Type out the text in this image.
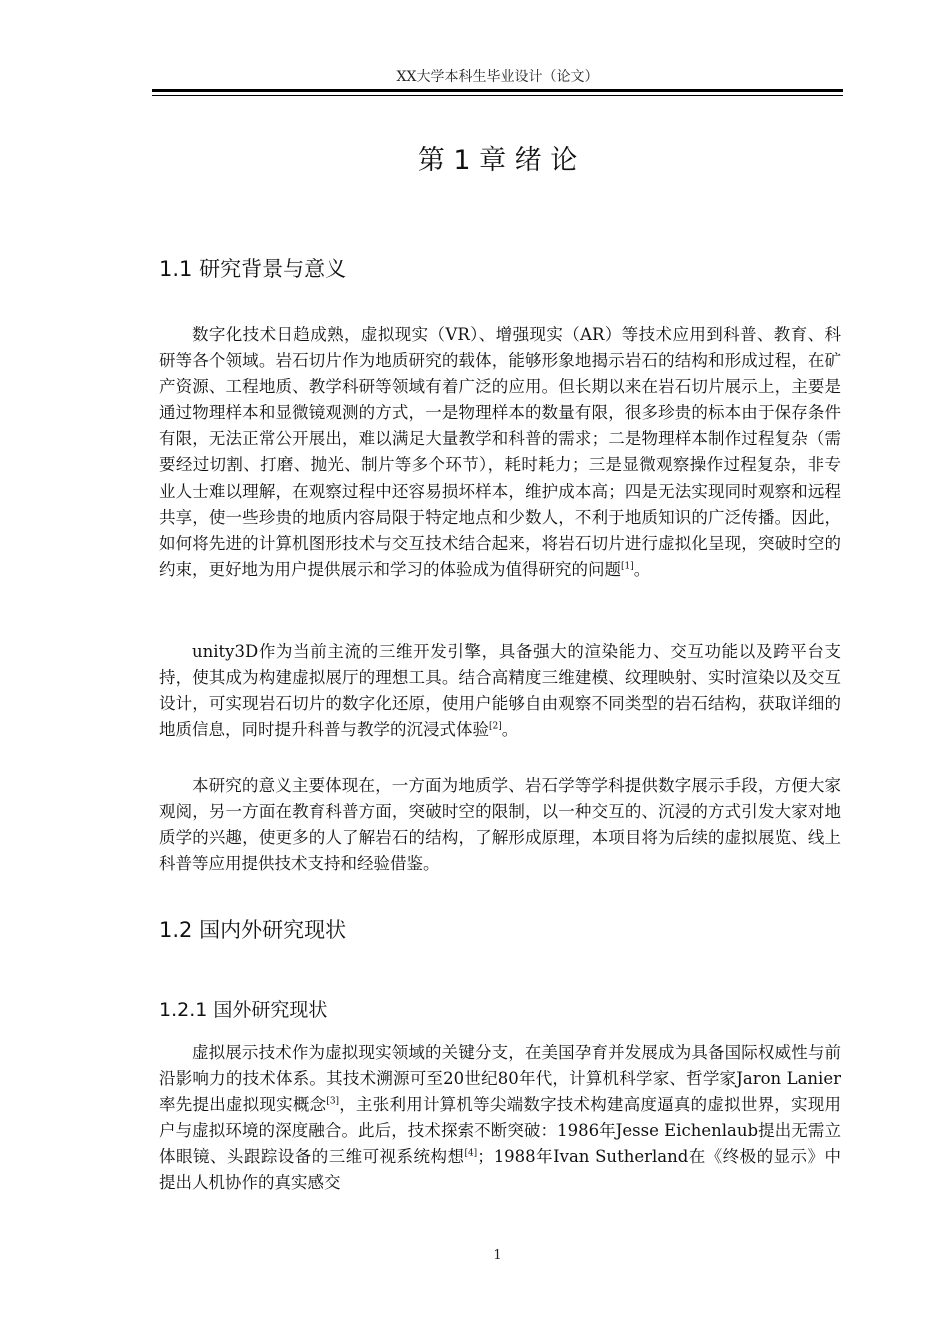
XX大学本科生毕业设计（论文）
第 1 章 绪 论
1.1 研究背景与意义

数字化技术日趋成熟，虚拟现实（VR）、增强现实（AR）等技术应用到科普、教育、科研等各个领域。岩石切片作为地质研究的载体，能够形象地揭示岩石的结构和形成过程，在矿产资源、工程地质、教学科研等领域有着广泛的应用。但长期以来在岩石切片展示上，主要是通过物理样本和显微镜观测的方式，一是物理样本的数量有限，很多珍贵的标本由于保存条件有限，无法正常公开展出，难以满足大量教学和科普的需求；二是物理样本制作过程复杂（需要经过切割、打磨、抛光、制片等多个环节），耗时耗力；三是显微观察操作过程复杂，非专业人士难以理解，在观察过程中还容易损坏样本，维护成本高；四是无法实现同时观察和远程共享，使一些珍贵的地质内容局限于特定地点和少数人，不利于地质知识的广泛传播。因此，如何将先进的计算机图形技术与交互技术结合起来，将岩石切片进行虚拟化呈现，突破时空的约束，更好地为用户提供展示和学习的体验成为值得研究的问题[1]。

unity3D作为当前主流的三维开发引擎，具备强大的渲染能力、交互功能以及跨平台支持，使其成为构建虚拟展厅的理想工具。结合高精度三维建模、纹理映射、实时渲染以及交互设计，可实现岩石切片的数字化还原，使用户能够自由观察不同类型的岩石结构，获取详细的地质信息，同时提升科普与教学的沉浸式体验[2]。

本研究的意义主要体现在，一方面为地质学、岩石学等学科提供数字展示手段，方便大家观阅，另一方面在教育科普方面，突破时空的限制，以一种交互的、沉浸的方式引发大家对地质学的兴趣，使更多的人了解岩石的结构，了解形成原理，本项目将为后续的虚拟展览、线上科普等应用提供技术支持和经验借鉴。

1.2 国内外研究现状
1.2.1 国外研究现状

虚拟展示技术作为虚拟现实领域的关键分支，在美国孕育并发展成为具备国际权威性与前沿影响力的技术体系。其技术溯源可至20世纪80年代，计算机科学家、哲学家Jaron Lanier率先提出虚拟现实概念[3]，主张利用计算机等尖端数字技术构建高度逼真的虚拟世界，实现用户与虚拟环境的深度融合。此后，技术探索不断突破：1986年Jesse Eichenlaub提出无需立体眼镜、头跟踪设备的三维可视系统构想[4]；1988年Ivan Sutherland在《终极的显示》中提出人机协作的真实感交

1
